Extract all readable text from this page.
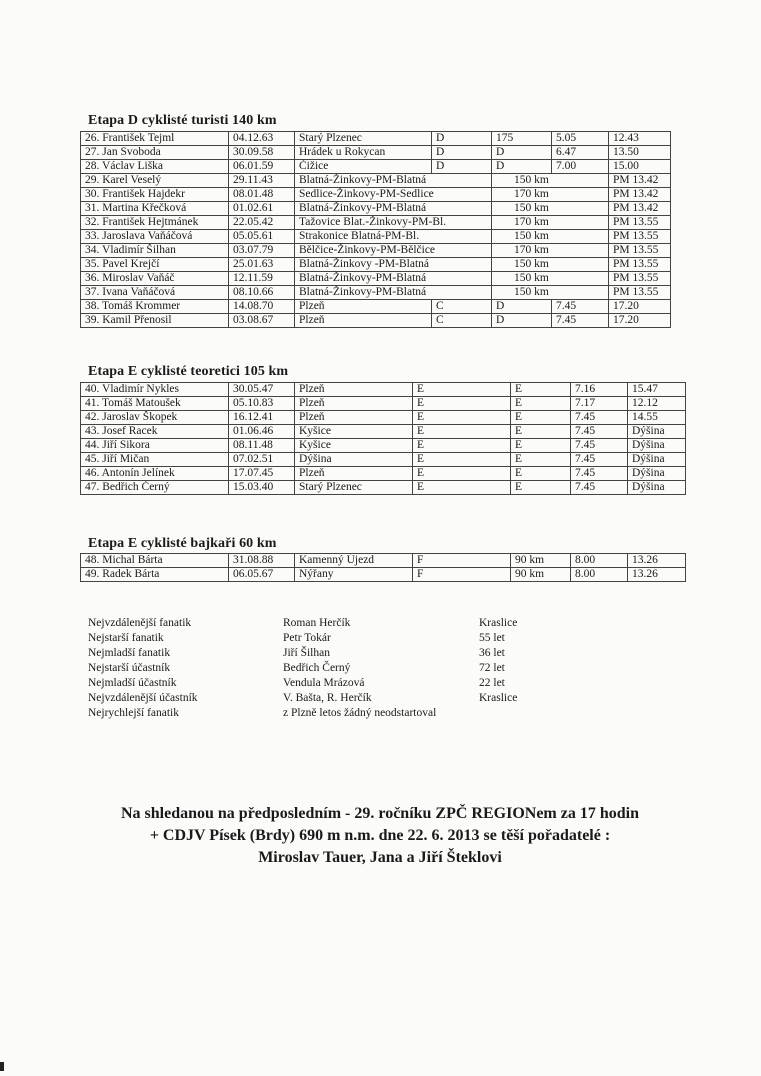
Etapa D cyklisté turisti 140 km
26. František Tejml	04.12.63	Starý Plzenec	D	175	5.05	12.43
27. Jan Svoboda	30.09.58	Hrádek u Rokycan	D	D	6.47	13.50
28. Václav Liška	06.01.59	Čižice	D	D	7.00	15.00
29. Karel Veselý	29.11.43	Blatná-Žinkovy-PM-Blatná		150 km		PM 13.42
30. František Hajdekr	08.01.48	Sedlice-Žinkovy-PM-Sedlice		170 km		PM 13.42
31. Martina Křečková	01.02.61	Blatná-Žinkovy-PM-Blatná		150 km		PM 13.42
32. František Hejtmánek	22.05.42	Tažovice Blat.-Žinkovy-PM-Bl.		170 km		PM 13.55
33. Jaroslava Vaňáčová	05.05.61	Strakonice Blatná-PM-Bl.		150 km		PM 13.55
34. Vladimír Šilhan	03.07.79	Bělčice-Žinkovy-PM-Bělčice		170 km		PM 13.55
35. Pavel Krejčí	25.01.63	Blatná-Žinkovy -PM-Blatná		150 km		PM 13.55
36. Miroslav Vaňáč	12.11.59	Blatná-Žinkovy-PM-Blatná		150 km		PM 13.55
37. Ivana Vaňáčová	08.10.66	Blatná-Žinkovy-PM-Blatná		150 km		PM 13.55
38. Tomáš Krommer	14.08.70	Plzeň	C	D	7.45	17.20
39. Kamil Přenosil	03.08.67	Plzeň	C	D	7.45	17.20
Etapa E cyklisté teoretici 105 km
40. Vladimír Nykles	30.05.47	Plzeň	E	E	7.16	15.47
41. Tomáš Matoušek	05.10.83	Plzeň	E	E	7.17	12.12
42. Jaroslav Škopek	16.12.41	Plzeň	E	E	7.45	14.55
43. Josef Racek	01.06.46	Kyšice	E	E	7.45	Dýšina
44. Jiří Sikora	08.11.48	Kyšice	E	E	7.45	Dýšina
45. Jiří Mičan	07.02.51	Dýšina	E	E	7.45	Dýšina
46. Antonín Jelínek	17.07.45	Plzeň	E	E	7.45	Dýšina
47. Bedřich Černý	15.03.40	Starý Plzenec	E	E	7.45	Dýšina
Etapa E cyklisté bajkaři 60 km
48. Michal Bárta	31.08.88	Kamenný Újezd	F	90 km	8.00	13.26
49. Radek Bárta	06.05.67	Nýřany	F	90 km	8.00	13.26
Nejvzdálenější fanatik	Roman Herčík	Kraslice
Nejstarší fanatik	Petr Tokár	55 let
Nejmladší fanatik	Jiří Šilhan	36 let
Nejstarší účastník	Bedřich Černý	72 let
Nejmladší účastník	Vendula Mrázová	22 let
Nejvzdálenější účastník	V. Bašta, R. Herčík	Kraslice
Nejrychlejší fanatik	z Plzně letos žádný neodstartoval
Na shledanou na předposledním - 29. ročníku ZPČ REGIONem za 17 hodin
+ CDJV Písek (Brdy) 690 m n.m. dne 22. 6. 2013 se těší pořadatelé :
Miroslav Tauer, Jana a Jiří Šteklovi
